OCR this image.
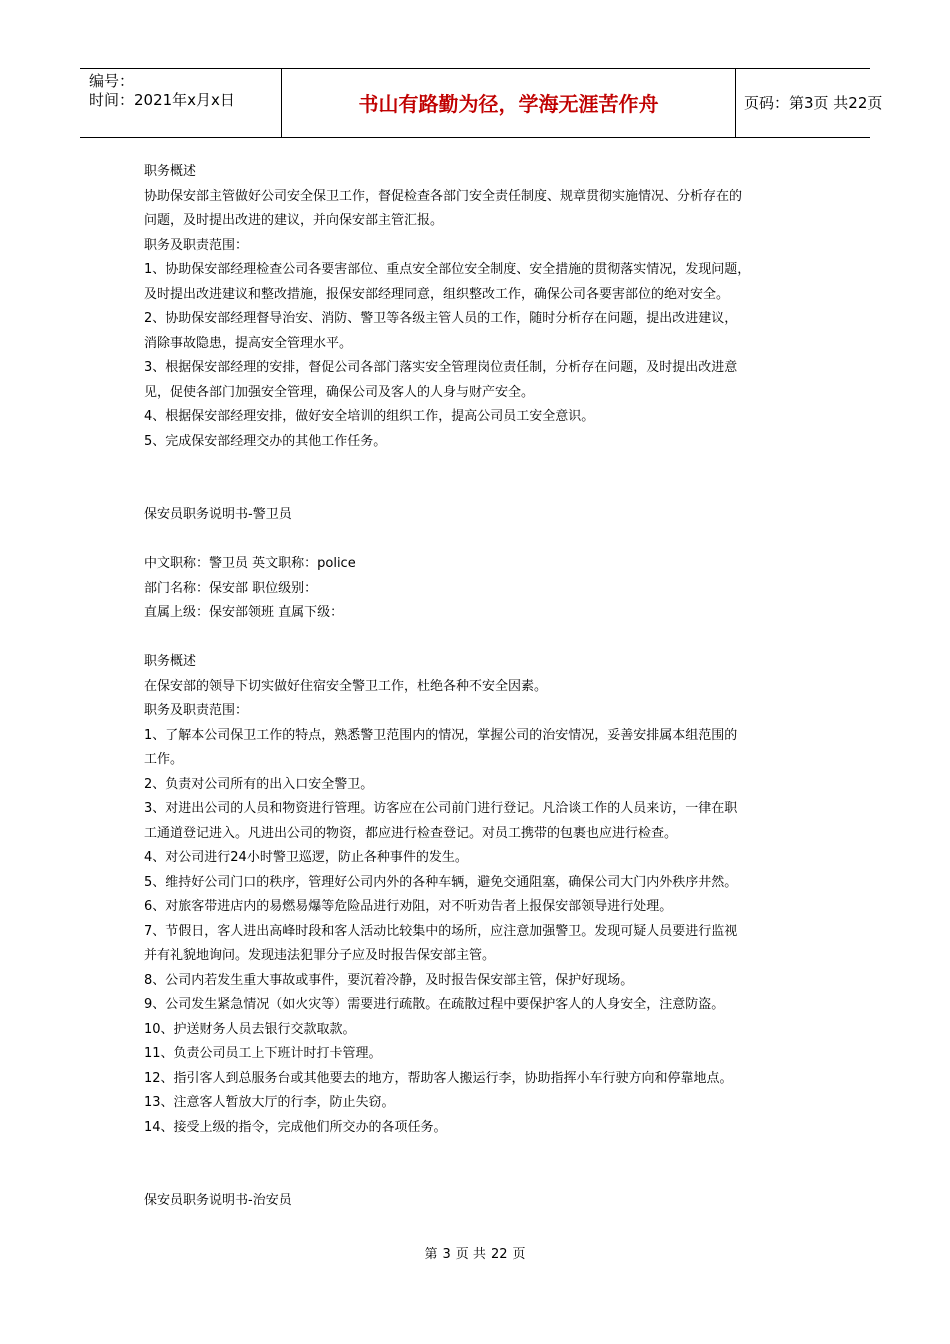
编号：
时间：2021年x月x日	书山有路勤为径，学海无涯苦作舟	页码：第3页 共22页
职务概述
协助保安部主管做好公司安全保卫工作，督促检查各部门安全责任制度、规章贯彻实施情况、分析存在的
问题，及时提出改进的建议，并向保安部主管汇报。
职务及职责范围：
1、协助保安部经理检查公司各要害部位、重点安全部位安全制度、安全措施的贯彻落实情况，发现问题，
及时提出改进建议和整改措施，报保安部经理同意，组织整改工作，确保公司各要害部位的绝对安全。
2、协助保安部经理督导治安、消防、警卫等各级主管人员的工作，随时分析存在问题，提出改进建议，
消除事故隐患，提高安全管理水平。
3、根据保安部经理的安排，督促公司各部门落实安全管理岗位责任制，分析存在问题，及时提出改进意
见，促使各部门加强安全管理，确保公司及客人的人身与财产安全。
4、根据保安部经理安排，做好安全培训的组织工作，提高公司员工安全意识。
5、完成保安部经理交办的其他工作任务。
保安员职务说明书-警卫员
中文职称：警卫员 英文职称：police
部门名称：保安部 职位级别：
直属上级：保安部领班 直属下级：
职务概述
在保安部的领导下切实做好住宿安全警卫工作，杜绝各种不安全因素。
职务及职责范围：
1、了解本公司保卫工作的特点，熟悉警卫范围内的情况，掌握公司的治安情况，妥善安排属本组范围的
工作。
2、负责对公司所有的出入口安全警卫。
3、对进出公司的人员和物资进行管理。访客应在公司前门进行登记。凡洽谈工作的人员来访，一律在职
工通道登记进入。凡进出公司的物资，都应进行检查登记。对员工携带的包裹也应进行检查。
4、对公司进行24小时警卫巡逻，防止各种事件的发生。
5、维持好公司门口的秩序，管理好公司内外的各种车辆，避免交通阻塞，确保公司大门内外秩序井然。
6、对旅客带进店内的易燃易爆等危险品进行劝阻，对不听劝告者上报保安部领导进行处理。
7、节假日，客人进出高峰时段和客人活动比较集中的场所，应注意加强警卫。发现可疑人员要进行监视
并有礼貌地询问。发现违法犯罪分子应及时报告保安部主管。
8、公司内若发生重大事故或事件，要沉着冷静，及时报告保安部主管，保护好现场。
9、公司发生紧急情况（如火灾等）需要进行疏散。在疏散过程中要保护客人的人身安全，注意防盗。
10、护送财务人员去银行交款取款。
11、负责公司员工上下班计时打卡管理。
12、指引客人到总服务台或其他要去的地方，帮助客人搬运行李，协助指挥小车行驶方向和停靠地点。
13、注意客人暂放大厅的行李，防止失窃。
14、接受上级的指令，完成他们所交办的各项任务。
保安员职务说明书-治安员
第 3 页 共 22 页
